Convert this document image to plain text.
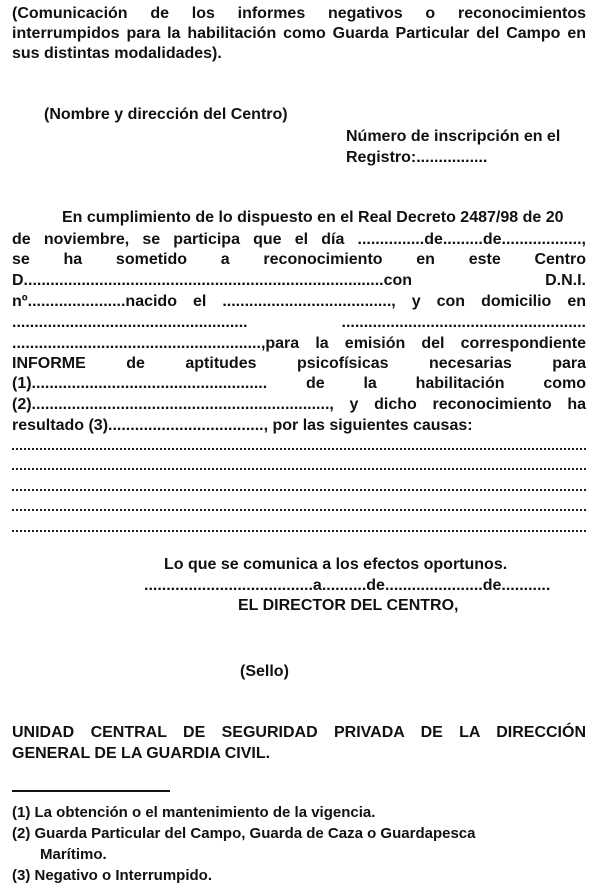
(Comunicación de los informes negativos o reconocimientos
interrumpidos para la habilitación como Guarda Particular del Campo en
sus distintas modalidades).
(Nombre y dirección del Centro)
Número de inscripción en el
Registro:................
En cumplimiento de lo dispuesto en el Real Decreto 2487/98 de 20
de noviembre, se participa que el día ...............de.........de..................,
se ha sometido a reconocimiento en este Centro
D.................................................................................con D.N.I.
nº......................nacido el ......................................, y con domicilio en
..................................................... .......................................................
........................................................,para la emisión del correspondiente
INFORME de aptitudes psicofísicas necesarias para
(1)..................................................... de la habilitación como
(2)..................................................................., y dicho reconocimiento ha
resultado (3)..................................., por las siguientes causas:
Lo que se comunica a los efectos oportunos.
......................................a..........de......................de...........
EL DIRECTOR DEL CENTRO,
(Sello)
UNIDAD CENTRAL DE SEGURIDAD PRIVADA DE LA DIRECCIÓN
GENERAL DE LA GUARDIA CIVIL.
(1) La obtención o el mantenimiento de la vigencia.
(2) Guarda Particular del Campo, Guarda de Caza o Guardapesca
Marítimo.
(3) Negativo o Interrumpido.
